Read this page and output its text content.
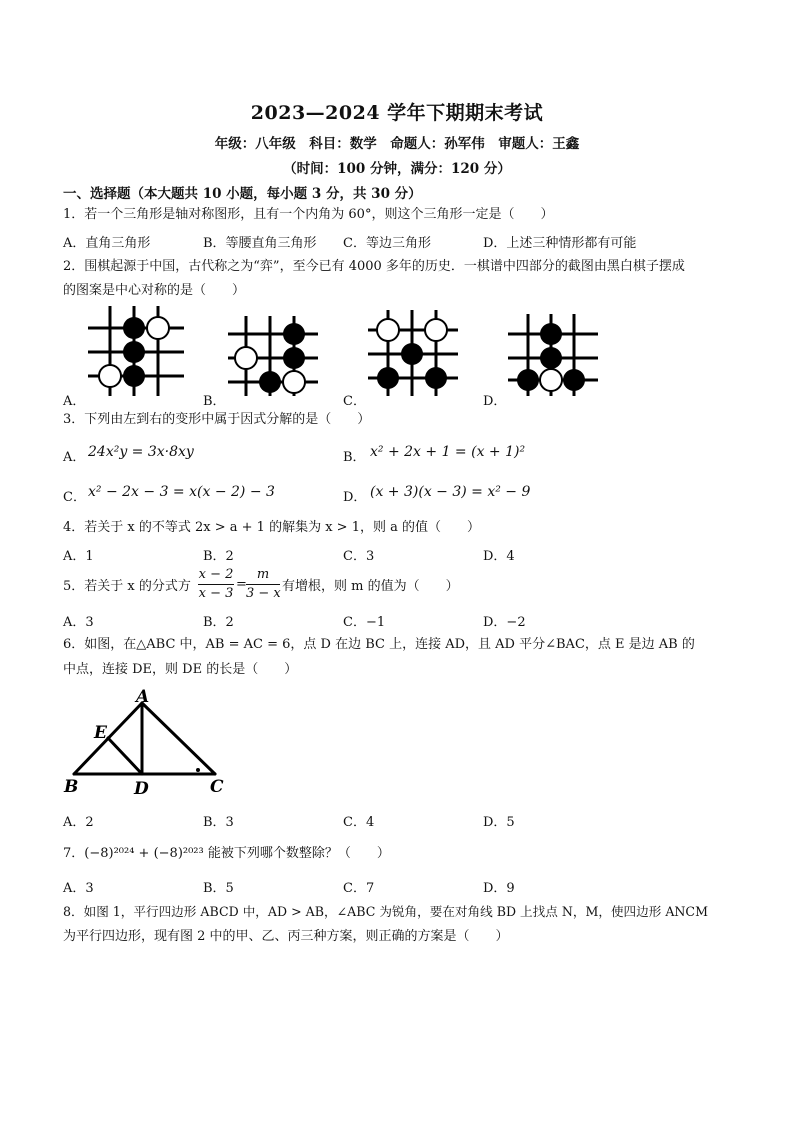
2023—2024 学年下期期末考试
年级：八年级　科目：数学　命题人：孙军伟　审题人：王鑫
（时间：100 分钟，满分：120 分）
一、选择题（本大题共 10 小题，每小题 3 分，共 30 分）
1．若一个三角形是轴对称图形，且有一个内角为 60°，则这个三角形一定是（　　）
A．直角三角形	B．等腰直角三角形 C．等边三角形	D．上述三种情形都有可能
2．围棋起源于中国，古代称之为“弈”，至今已有 4000 多年的历史．一棋谱中四部分的截图由黑白棋子摆成
的图案是中心对称的是（　　）
A．	B．	C．	D．
3．下列由左到右的变形中属于因式分解的是（　　）
A． 24x²y = 3x·8xy	B． x² + 2x + 1 = (x + 1)²
C． x² − 2x − 3 = x(x − 2) − 3	D． (x + 3)(x − 3) = x² − 9
4．若关于 x 的不等式 2x > a + 1 的解集为 x > 1，则 a 的值（　　）
A．1	B．2	C．3	D．4
5．若关于 x 的分式方 $\frac{x - 2}{x - 3} = \frac{m}{3 - x}$ 有增根，则 m 的值为（　　）
A．3	B．2	C．−1	D．−2
6．如图，在△ABC 中，AB = AC = 6，点 D 在边 BC 上，连接 AD，且 AD 平分∠BAC，点 E 是边 AB 的
中点，连接 DE，则 DE 的长是（　　）
A
E
B	D	C
A．2	B．3	C．4	D．5
7．(−8)²⁰²⁴ + (−8)²⁰²³ 能被下列哪个数整除？（　　）
A．3	B．5	C．7	D．9
8．如图 1，平行四边形 ABCD 中，AD > AB，∠ABC 为锐角，要在对角线 BD 上找点 N，M，使四边形 ANCM
为平行四边形，现有图 2 中的甲、乙、丙三种方案，则正确的方案是（　　）
